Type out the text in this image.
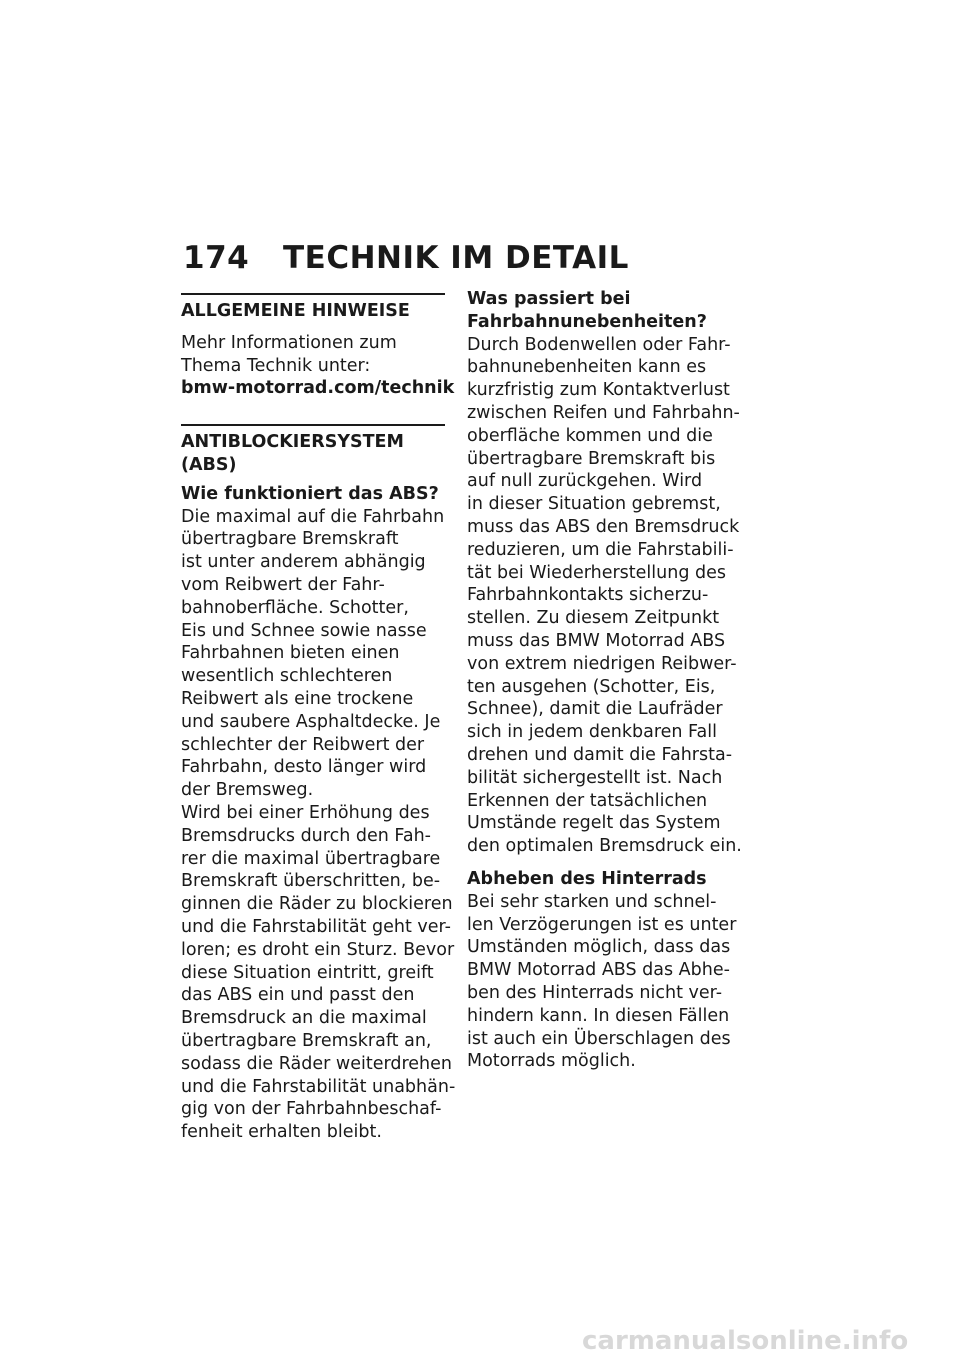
174 TECHNIK IM DETAIL
ALLGEMEINE HINWEISE
Mehr Informationen zum
Thema Technik unter:
bmw-motorrad.com/technik
ANTIBLOCKIERSYSTEM
(ABS)
Wie funktioniert das ABS?
Die maximal auf die Fahrbahn
übertragbare Bremskraft
ist unter anderem abhängig
vom Reibwert der Fahr-
bahnoberfläche. Schotter,
Eis und Schnee sowie nasse
Fahrbahnen bieten einen
wesentlich schlechteren
Reibwert als eine trockene
und saubere Asphaltdecke. Je
schlechter der Reibwert der
Fahrbahn, desto länger wird
der Bremsweg.
Wird bei einer Erhöhung des
Bremsdrucks durch den Fah-
rer die maximal übertragbare
Bremskraft überschritten, be-
ginnen die Räder zu blockieren
und die Fahrstabilität geht ver-
loren; es droht ein Sturz. Bevor
diese Situation eintritt, greift
das ABS ein und passt den
Bremsdruck an die maximal
übertragbare Bremskraft an,
sodass die Räder weiterdrehen
und die Fahrstabilität unabhän-
gig von der Fahrbahnbeschaf-
fenheit erhalten bleibt.
Was passiert bei
Fahrbahnunebenheiten?
Durch Bodenwellen oder Fahr-
bahnunebenheiten kann es
kurzfristig zum Kontaktverlust
zwischen Reifen und Fahrbahn-
oberfläche kommen und die
übertragbare Bremskraft bis
auf null zurückgehen. Wird
in dieser Situation gebremst,
muss das ABS den Bremsdruck
reduzieren, um die Fahrstabili-
tät bei Wiederherstellung des
Fahrbahnkontakts sicherzu-
stellen. Zu diesem Zeitpunkt
muss das BMW Motorrad ABS
von extrem niedrigen Reibwer-
ten ausgehen (Schotter, Eis,
Schnee), damit die Laufräder
sich in jedem denkbaren Fall
drehen und damit die Fahrsta-
bilität sichergestellt ist. Nach
Erkennen der tatsächlichen
Umstände regelt das System
den optimalen Bremsdruck ein.
Abheben des Hinterrads
Bei sehr starken und schnel-
len Verzögerungen ist es unter
Umständen möglich, dass das
BMW Motorrad ABS das Abhe-
ben des Hinterrads nicht ver-
hindern kann. In diesen Fällen
ist auch ein Überschlagen des
Motorrads möglich.
carmanualsonline.info
